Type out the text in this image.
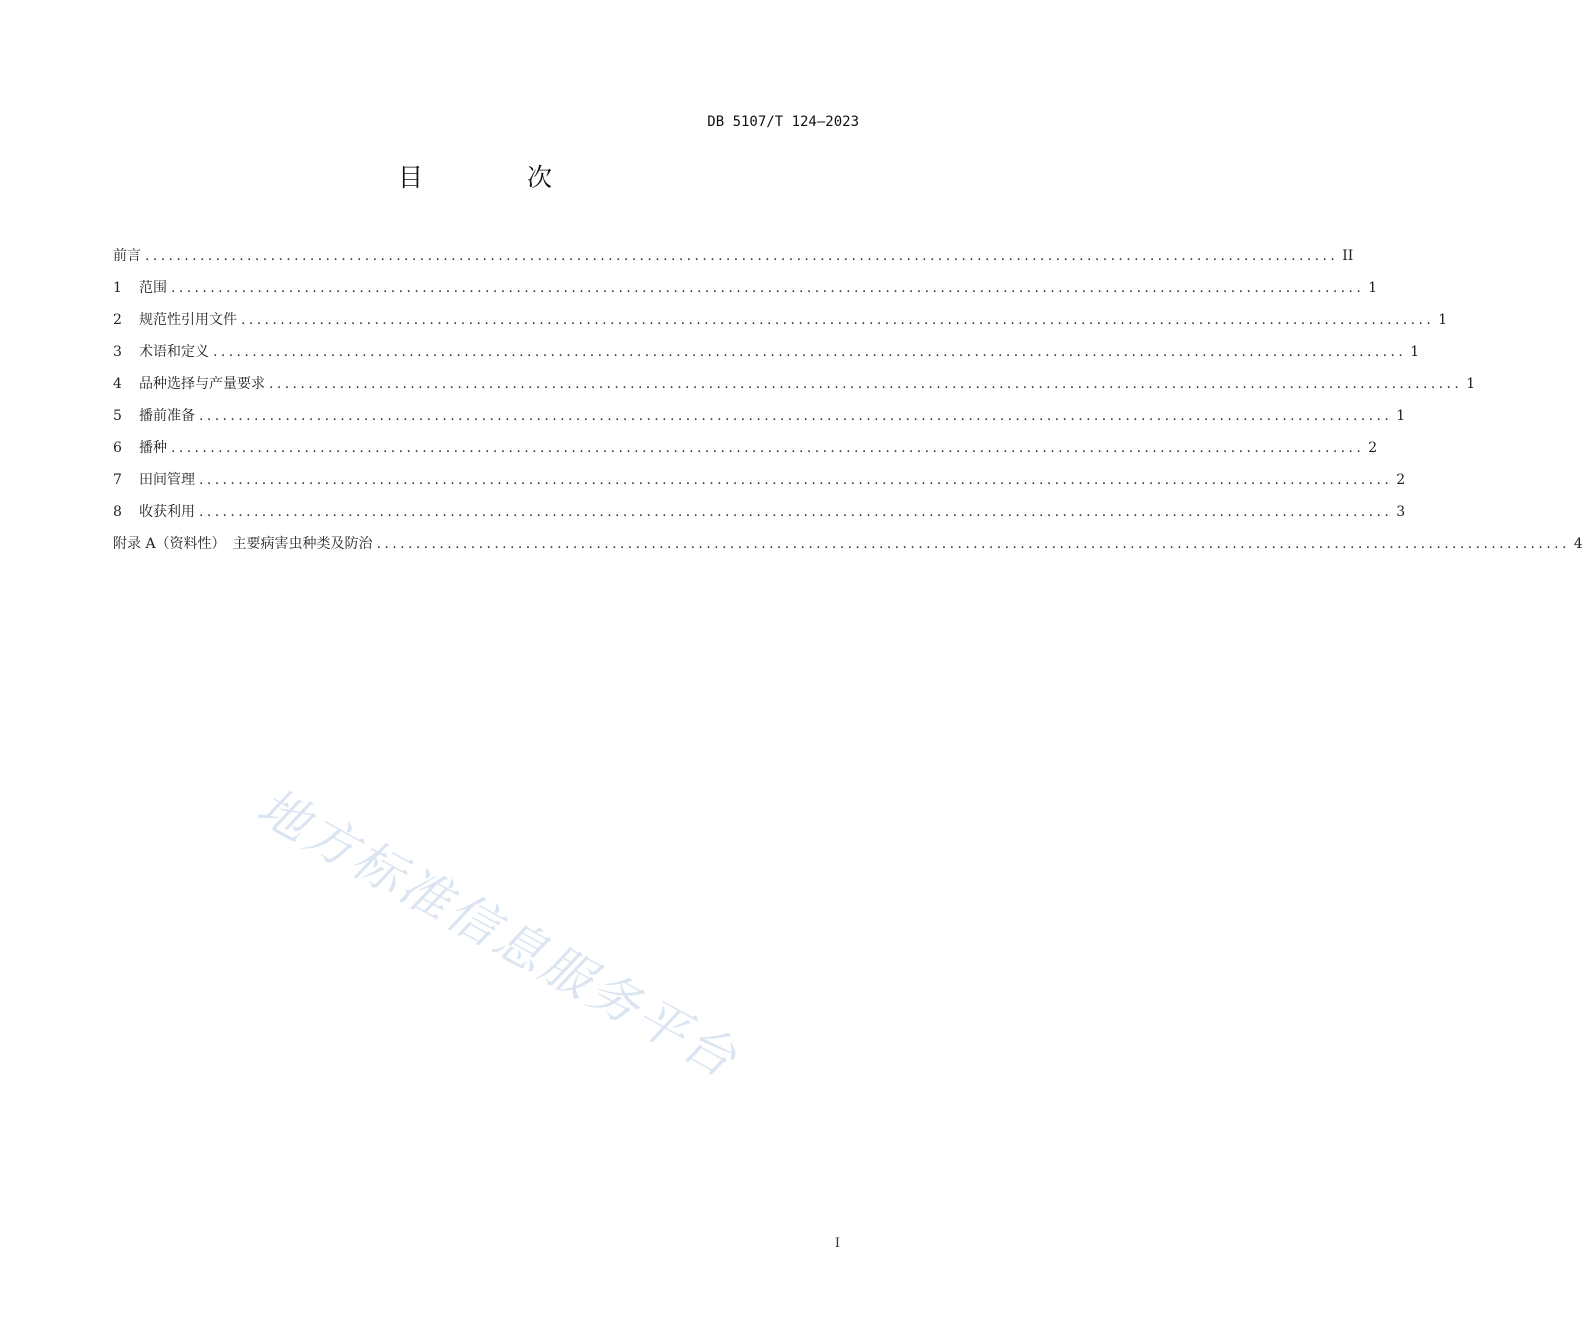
DB 5107/T 124—2023
目 次
前言 ........................................................................................................................................................ II
1	范围 ........................................................................................................................................................ 1
2	规范性引用文件 ........................................................................................................................................................ 1
3	术语和定义 ........................................................................................................................................................ 1
4	品种选择与产量要求 ........................................................................................................................................................ 1
5	播前准备 ........................................................................................................................................................ 1
6	播种 ........................................................................................................................................................ 2
7	田间管理 ........................................................................................................................................................ 2
8	收获利用 ........................................................................................................................................................ 3
附录 A（资料性）　主要病害虫种类及防治 ........................................................................................................................................................ 4
地方标准信息服务平台
I
